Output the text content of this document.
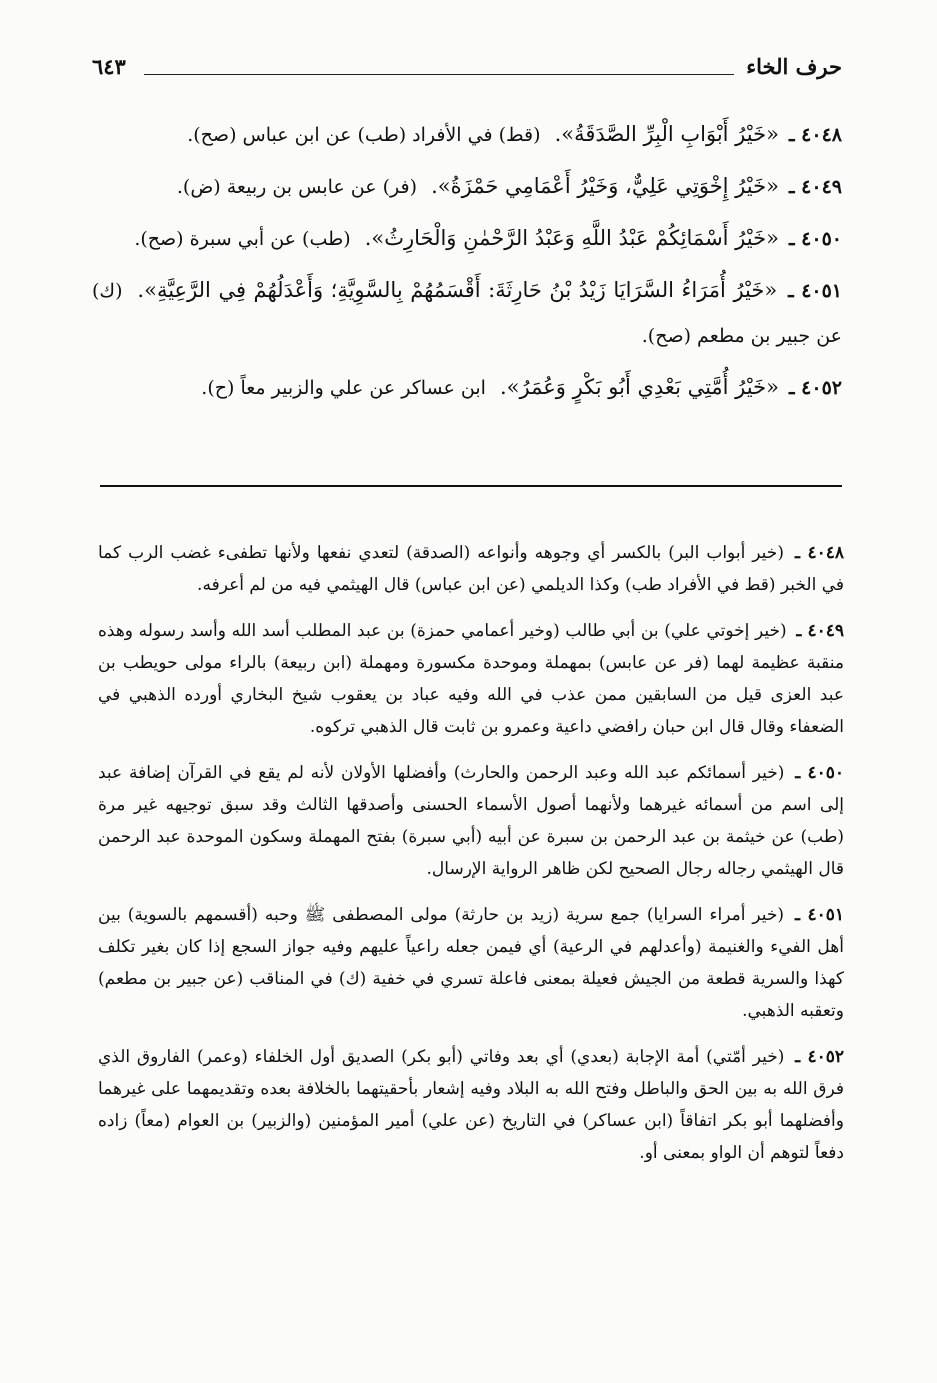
حرف الخاء
٦٤٣

٤٠٤٨ ـ «خَيْرُ أَبْوَابِ الْبِرِّ الصَّدَقَةُ». (قط) في الأفراد (طب) عن ابن عباس (صح).

٤٠٤٩ ـ «خَيْرُ إِخْوَتِي عَلِيٌّ، وَخَيْرُ أَعْمَامِي حَمْزَةُ». (فر) عن عابس بن ربيعة (ض).

٤٠٥٠ ـ «خَيْرُ أَسْمَائِكُمْ عَبْدُ اللَّهِ وَعَبْدُ الرَّحْمٰنِ وَالْحَارِثُ». (طب) عن أبي سبرة (صح).

٤٠٥١ ـ «خَيْرُ أُمَرَاءُ السَّرَايَا زَيْدُ بْنُ حَارِثَةَ: أَقْسَمُهُمْ بِالسَّوِيَّةِ؛ وَأَعْدَلُهُمْ فِي الرَّعِيَّةِ». (ك) عن جبير بن مطعم (صح).

٤٠٥٢ ـ «خَيْرُ أُمَّتِي بَعْدِي أَبُو بَكْرٍ وَعُمَرُ». ابن عساكر عن علي والزبير معاً (ح).

٤٠٤٨ ـ (خير أبواب البر) بالكسر أي وجوهه وأنواعه (الصدقة) لتعدي نفعها ولأنها تطفىء غضب الرب كما في الخبر (قط في الأفراد طب) وكذا الديلمي (عن ابن عباس) قال الهيثمي فيه من لم أعرفه.

٤٠٤٩ ـ (خير إخوتي علي) بن أبي طالب (وخير أعمامي حمزة) بن عبد المطلب أسد الله وأسد رسوله وهذه منقبة عظيمة لهما (فر عن عابس) بمهملة وموحدة مكسورة ومهملة (ابن ربيعة) بالراء مولى حويطب بن عبد العزى قيل من السابقين ممن عذب في الله وفيه عباد بن يعقوب شيخ البخاري أورده الذهبي في الضعفاء وقال قال ابن حبان رافضي داعية وعمرو بن ثابت قال الذهبي تركوه.

٤٠٥٠ ـ (خير أسمائكم عبد الله وعبد الرحمن والحارث) وأفضلها الأولان لأنه لم يقع في القرآن إضافة عبد إلى اسم من أسمائه غيرهما ولأنهما أصول الأسماء الحسنى وأصدقها الثالث وقد سبق توجيهه غير مرة (طب) عن خيثمة بن عبد الرحمن بن سبرة عن أبيه (أبي سبرة) بفتح المهملة وسكون الموحدة عبد الرحمن قال الهيثمي رجاله رجال الصحيح لكن ظاهر الرواية الإرسال.

٤٠٥١ ـ (خير أمراء السرايا) جمع سرية (زيد بن حارثة) مولى المصطفى ﷺ وحبه (أقسمهم بالسوية) بين أهل الفيء والغنيمة (وأعدلهم في الرعية) أي فيمن جعله راعياً عليهم وفيه جواز السجع إذا كان بغير تكلف كهذا والسرية قطعة من الجيش فعيلة بمعنى فاعلة تسري في خفية (ك) في المناقب (عن جبير بن مطعم) وتعقبه الذهبي.

٤٠٥٢ ـ (خير أمّتي) أمة الإجابة (بعدي) أي بعد وفاتي (أبو بكر) الصديق أول الخلفاء (وعمر) الفاروق الذي فرق الله به بين الحق والباطل وفتح الله به البلاد وفيه إشعار بأحقيتهما بالخلافة بعده وتقديمهما على غيرهما وأفضلهما أبو بكر اتفاقاً (ابن عساكر) في التاريخ (عن علي) أمير المؤمنين (والزبير) بن العوام (معاً) زاده دفعاً لتوهم أن الواو بمعنى أو.
